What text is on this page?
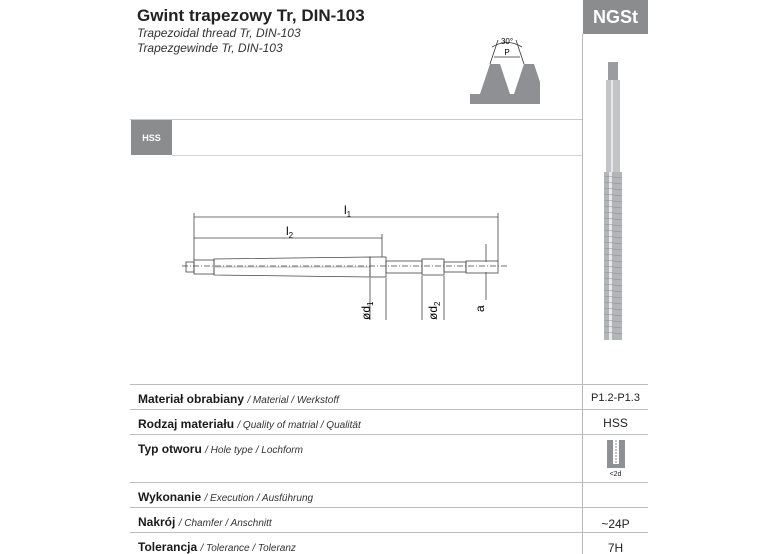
Gwint trapezowy Tr, DIN-103
Trapezoidal thread Tr, DIN-103
Trapezgewinde Tr, DIN-103
NGSt
HSS
30°
P
$l_1$
$l_2$
$ød_1$
$ød_2$
a
Materiał obrabiany / Material / Werkstoff	P1.2-P1.3
Rodzaj materiału / Quality of matrial / Qualität	HSS
Typ otworu / Hole type / Lochform
<2d
Wykonanie / Execution / Ausführung
Nakrój / Chamfer / Anschnitt	~24P
Tolerancja / Tolerance / Toleranz	7H
